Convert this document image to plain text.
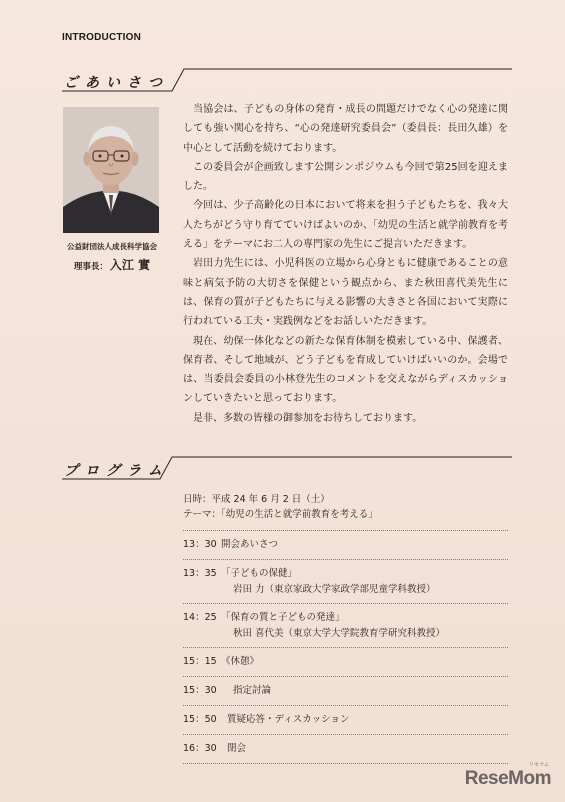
INTRODUCTION
ごあいさつ
公益財団法人成長科学協会
理事長： 入江 實

当協会は、子どもの身体の発育・成長の問題だけでなく心の発達に関しても強い関心を持ち、“心の発達研究委員会”（委員長：長田久雄）を中心として活動を続けております。

この委員会が企画致します公開シンポジウムも今回で第25回を迎えました。

今回は、少子高齢化の日本において将来を担う子どもたちを、我々大人たちがどう守り育てていけばよいのか、「幼児の生活と就学前教育を考える」をテーマにお二人の専門家の先生にご提言いただきます。

岩田力先生には、小児科医の立場から心身ともに健康であることの意味と病気予防の大切さを保健という観点から、また秋田喜代美先生には、保育の質が子どもたちに与える影響の大きさと各国において実際に行われている工夫・実践例などをお話しいただきます。

現在、幼保一体化などの新たな保育体制を模索している中、保護者、保育者、そして地域が、どう子どもを育成していけばいいのか。会場では、当委員会委員の小林登先生のコメントを交えながらディスカッションしていきたいと思っております。

是非、多数の皆様の御参加をお待ちしております。

プログラム
日時：平成 24 年 6 月 2 日（土）
テーマ：「幼児の生活と就学前教育を考える」
13：30 開会あいさつ
13：35 「子どもの保健」
岩田 力（東京家政大学家政学部児童学科教授）
14：25 「保育の質と子どもの発達」
秋田 喜代美（東京大学大学院教育学研究科教授）
15：15 《休憩》
15：30 指定討論
15：50 質疑応答・ディスカッション
16：30 閉会
ReseMom
リセマム
